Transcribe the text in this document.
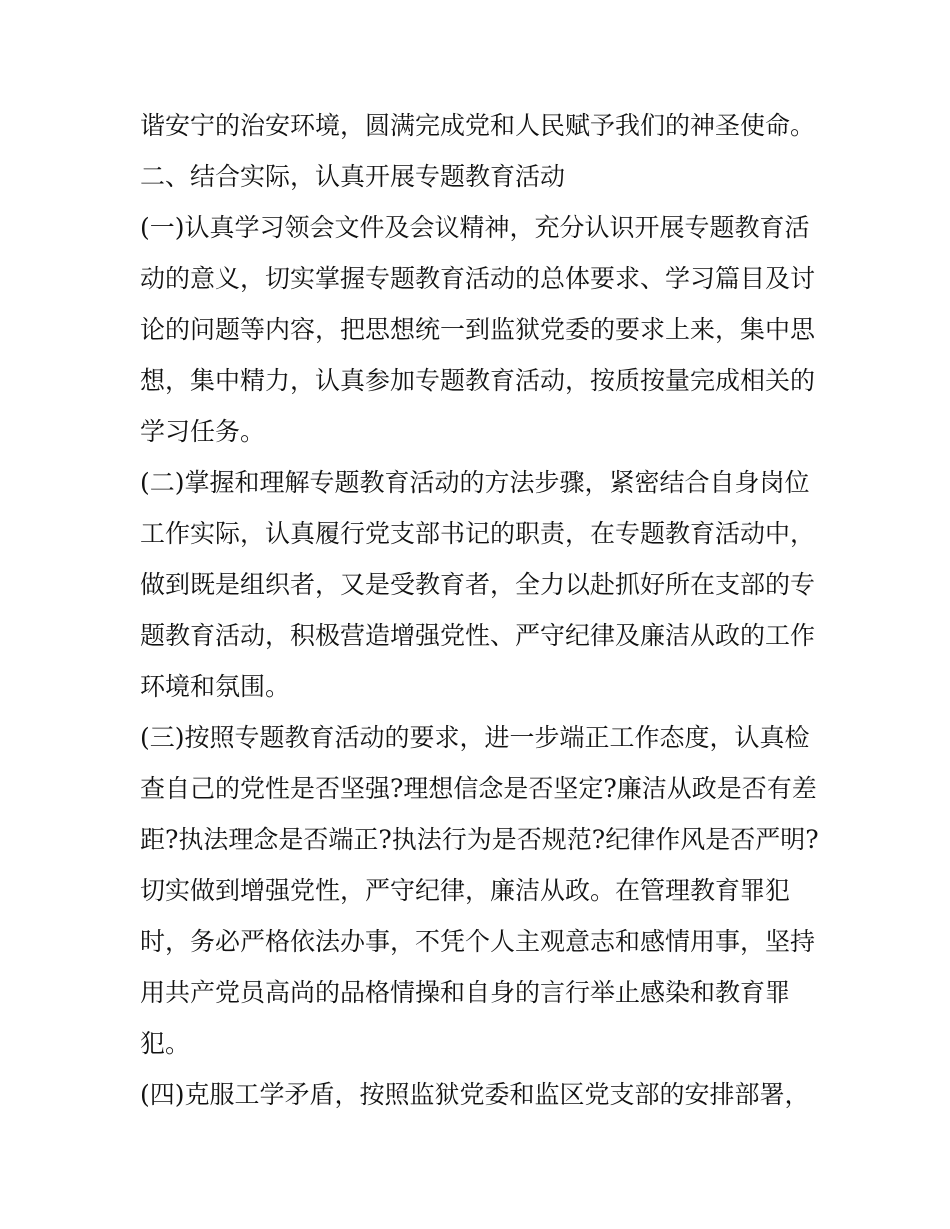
谐安宁的治安环境，圆满完成党和人民赋予我们的神圣使命。
二、结合实际，认真开展专题教育活动
(一)认真学习领会文件及会议精神，充分认识开展专题教育活
动的意义，切实掌握专题教育活动的总体要求、学习篇目及讨
论的问题等内容，把思想统一到监狱党委的要求上来，集中思
想，集中精力，认真参加专题教育活动，按质按量完成相关的
学习任务。
(二)掌握和理解专题教育活动的方法步骤，紧密结合自身岗位
工作实际，认真履行党支部书记的职责，在专题教育活动中，
做到既是组织者，又是受教育者，全力以赴抓好所在支部的专
题教育活动，积极营造增强党性、严守纪律及廉洁从政的工作
环境和氛围。
(三)按照专题教育活动的要求，进一步端正工作态度，认真检
查自己的党性是否坚强?理想信念是否坚定?廉洁从政是否有差
距?执法理念是否端正?执法行为是否规范?纪律作风是否严明?
切实做到增强党性，严守纪律，廉洁从政。在管理教育罪犯
时，务必严格依法办事，不凭个人主观意志和感情用事，坚持
用共产党员高尚的品格情操和自身的言行举止感染和教育罪
犯。
(四)克服工学矛盾，按照监狱党委和监区党支部的安排部署，
